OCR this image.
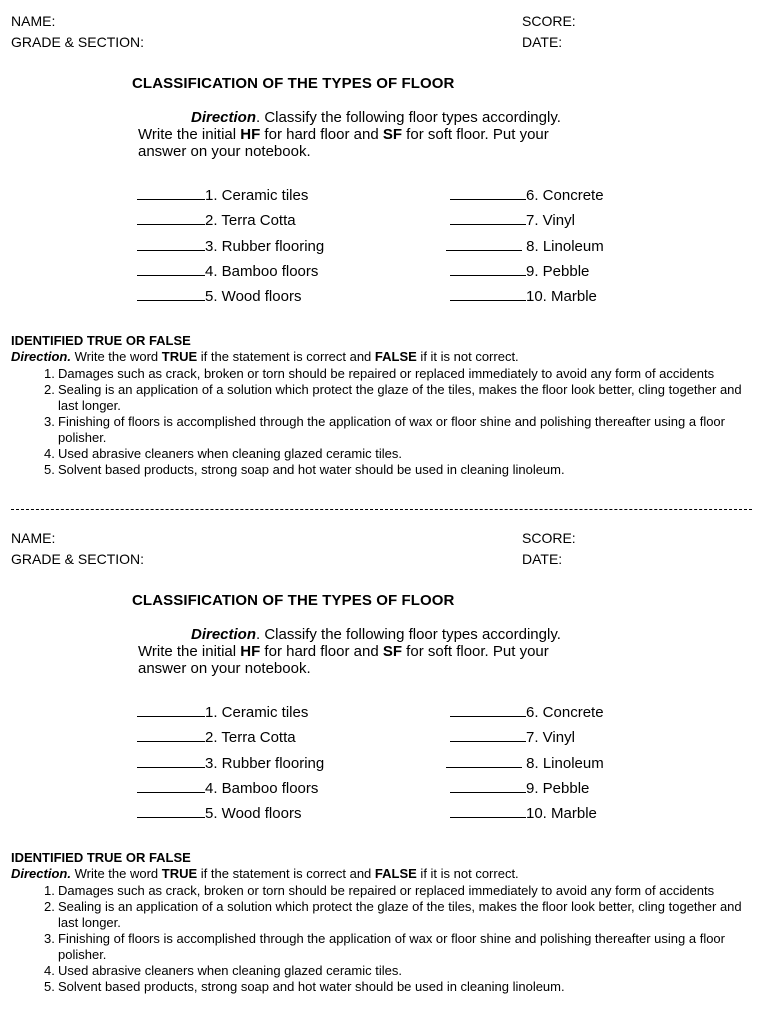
NAME:
GRADE & SECTION:
SCORE:
DATE:
CLASSIFICATION OF THE TYPES OF FLOOR
Direction. Classify the following floor types accordingly.
Write the initial HF for hard floor and SF for soft floor. Put your
answer on your notebook.
1. Ceramic tiles
2. Terra Cotta
3. Rubber flooring
4. Bamboo floors
5. Wood floors
6. Concrete
7. Vinyl
8. Linoleum
9. Pebble
10. Marble
IDENTIFIED TRUE OR FALSE
Direction. Write the word TRUE if the statement is correct and FALSE if it is not correct.
1. Damages such as crack, broken or torn should be repaired or replaced immediately to avoid any form of accidents
2. Sealing is an application of a solution which protect the glaze of the tiles, makes the floor look better, cling together and last longer.
3. Finishing of floors is accomplished through the application of wax or floor shine and polishing thereafter using a floor polisher.
4. Used abrasive cleaners when cleaning glazed ceramic tiles.
5. Solvent based products, strong soap and hot water should be used in cleaning linoleum.
NAME:
GRADE & SECTION:
SCORE:
DATE:
CLASSIFICATION OF THE TYPES OF FLOOR
Direction. Classify the following floor types accordingly.
Write the initial HF for hard floor and SF for soft floor. Put your
answer on your notebook.
1. Ceramic tiles
2. Terra Cotta
3. Rubber flooring
4. Bamboo floors
5. Wood floors
6. Concrete
7. Vinyl
8. Linoleum
9. Pebble
10. Marble
IDENTIFIED TRUE OR FALSE
Direction. Write the word TRUE if the statement is correct and FALSE if it is not correct.
1. Damages such as crack, broken or torn should be repaired or replaced immediately to avoid any form of accidents
2. Sealing is an application of a solution which protect the glaze of the tiles, makes the floor look better, cling together and last longer.
3. Finishing of floors is accomplished through the application of wax or floor shine and polishing thereafter using a floor polisher.
4. Used abrasive cleaners when cleaning glazed ceramic tiles.
5. Solvent based products, strong soap and hot water should be used in cleaning linoleum.
